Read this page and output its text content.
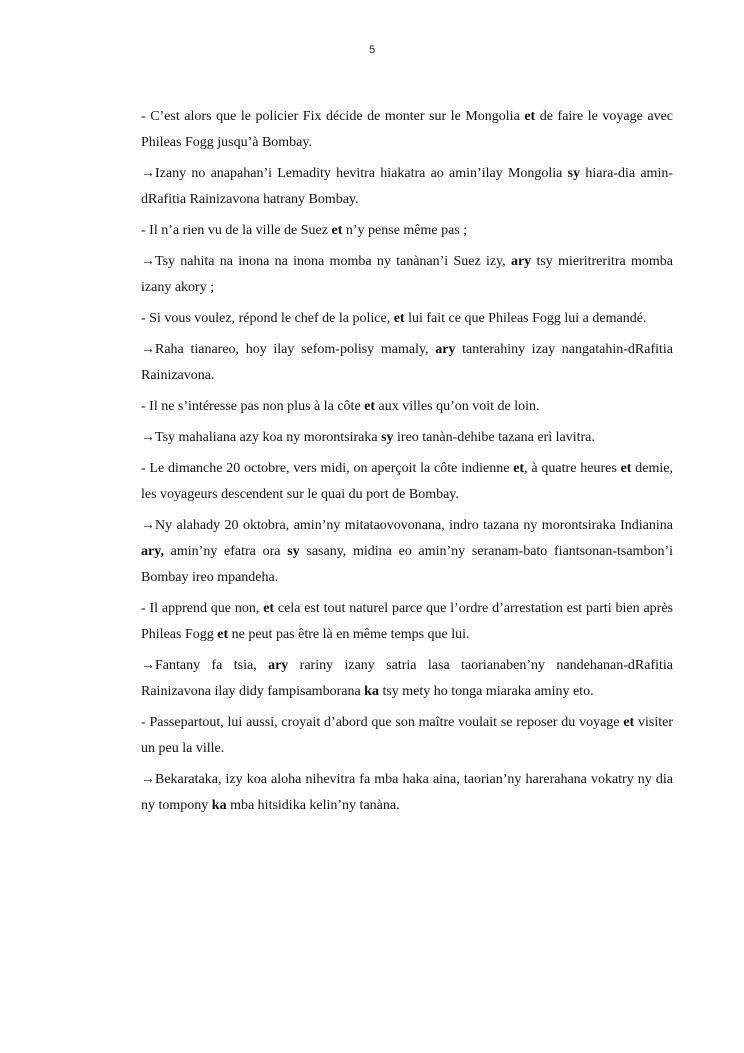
5

- C’est alors que le policier Fix décide de monter sur le Mongolia et de faire le voyage avec Phileas Fogg jusqu’à Bombay.

→Izany no anapahan’i Lemadity hevitra hiakatra ao amin’ilay Mongolia sy hiara-dia amin-dRafitia Rainizavona hatrany Bombay.

- Il n’a rien vu de la ville de Suez et n’y pense même pas ;

→Tsy nahita na inona na inona momba ny tanànan’i Suez izy, ary tsy mieritreritra momba izany akory ;

- Si vous voulez, répond le chef de la police, et lui fait ce que Phileas Fogg lui a demandé.

→Raha tianareo, hoy ilay sefom-polisy mamaly, ary tanterahiny izay nangatahin-dRafitia Rainizavona.

- Il ne s’intéresse pas non plus à la côte et aux villes qu’on voit de loin.

→Tsy mahaliana azy koa ny morontsiraka sy ireo tanàn-dehibe tazana erì lavitra.

- Le dimanche 20 octobre, vers midi, on aperçoit la côte indienne et, à quatre heures et demie, les voyageurs descendent sur le quai du port de Bombay.

→Ny alahady 20 oktobra, amin’ny mitataovovonana, indro tazana ny morontsiraka Indianina ary, amin’ny efatra ora sy sasany, midina eo amin’ny seranam-bato fiantsonan-tsambon’i Bombay ireo mpandeha.

- Il apprend que non, et cela est tout naturel parce que l’ordre d’arrestation est parti bien après Phileas Fogg et ne peut pas être là en même temps que lui.

→Fantany fa tsia, ary rariny izany satria lasa taorianaben’ny nandehanan-dRafitia Rainizavona ilay didy fampisamborana ka tsy mety ho tonga miaraka aminy eto.

- Passepartout, lui aussi, croyait d’abord que son maître voulait se reposer du voyage et visiter un peu la ville.

→Bekarataka, izy koa aloha nihevitra fa mba haka aina, taorian’ny harerahana vokatry ny dia ny tompony ka mba hitsidika kelin’ny tanàna.
